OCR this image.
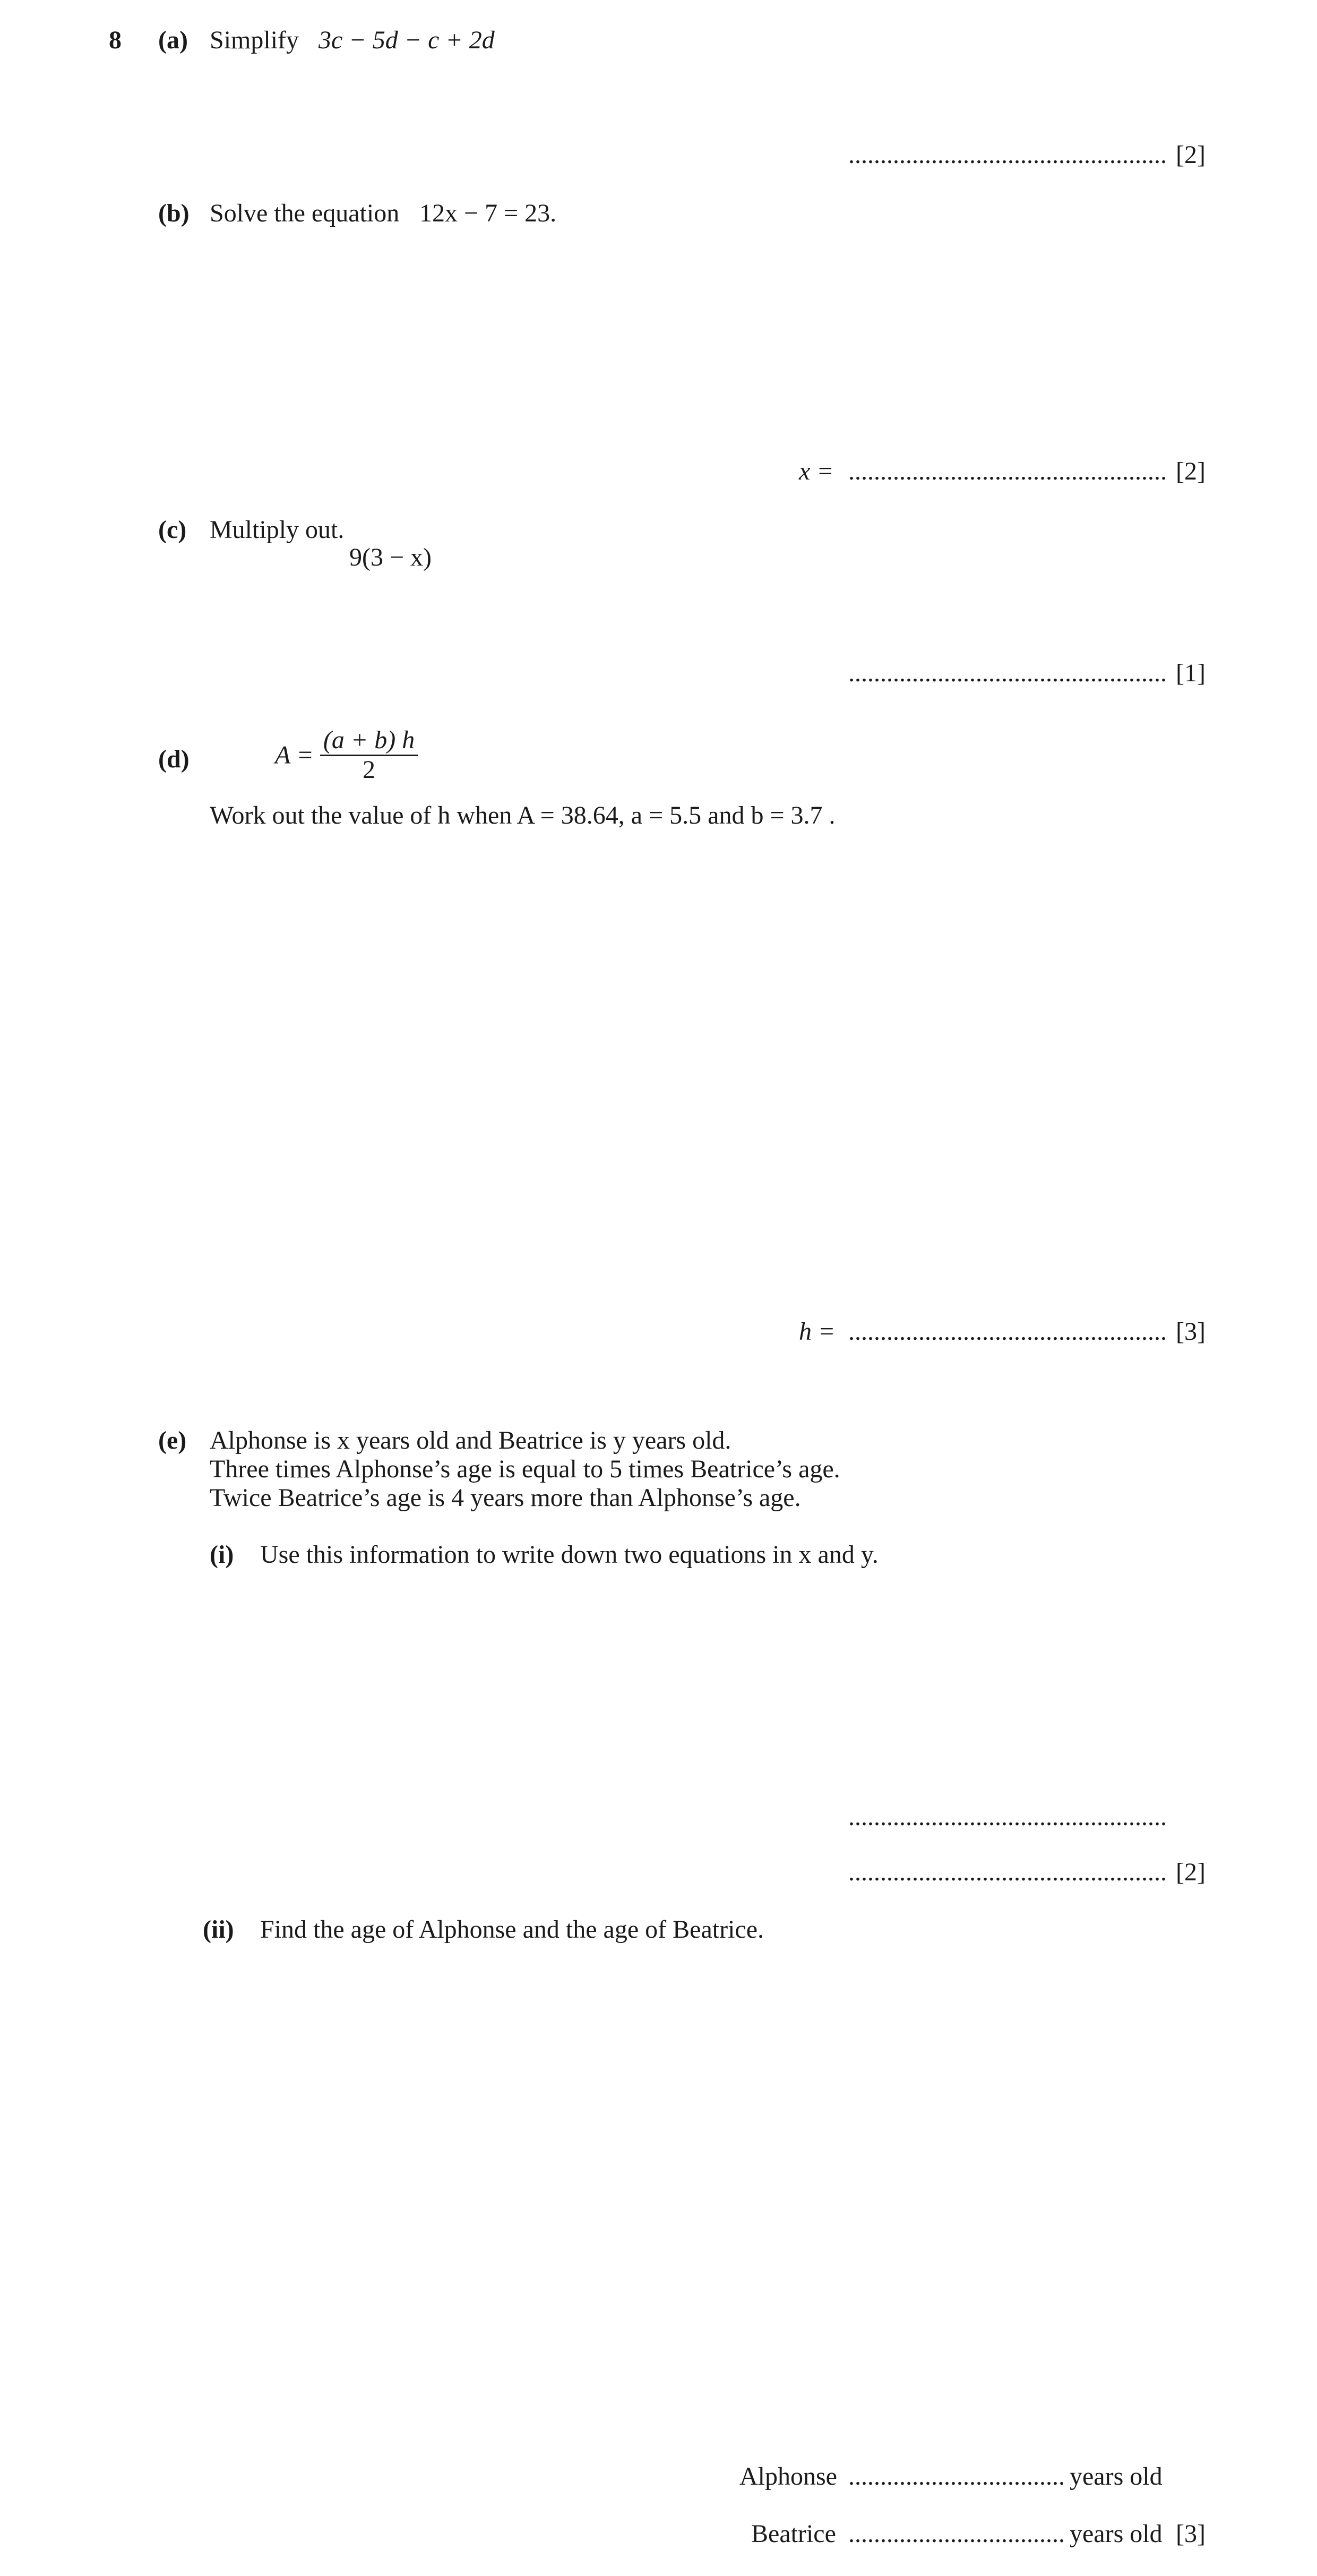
8 (a) Simplify 3c − 5d − c + 2d
.................................................. [2]
(b) Solve the equation 12x − 7 = 23.
x = .................................................. [2]
(c) Multiply out.
9(3 − x)
.................................................. [1]
(d)	$A = \frac{(a + b) h}{2}$
Work out the value of h when A = 38.64, a = 5.5 and b = 3.7 .
h = .................................................. [3]
(e) Alphonse is x years old and Beatrice is y years old.
Three times Alphonse’s age is equal to 5 times Beatrice’s age.
Twice Beatrice’s age is 4 years more than Alphonse’s age.
(i) Use this information to write down two equations in x and y.
..................................................
.................................................. [2]
(ii) Find the age of Alphonse and the age of Beatrice.
Alphonse .................................. years old
Beatrice .................................. years old [3]
